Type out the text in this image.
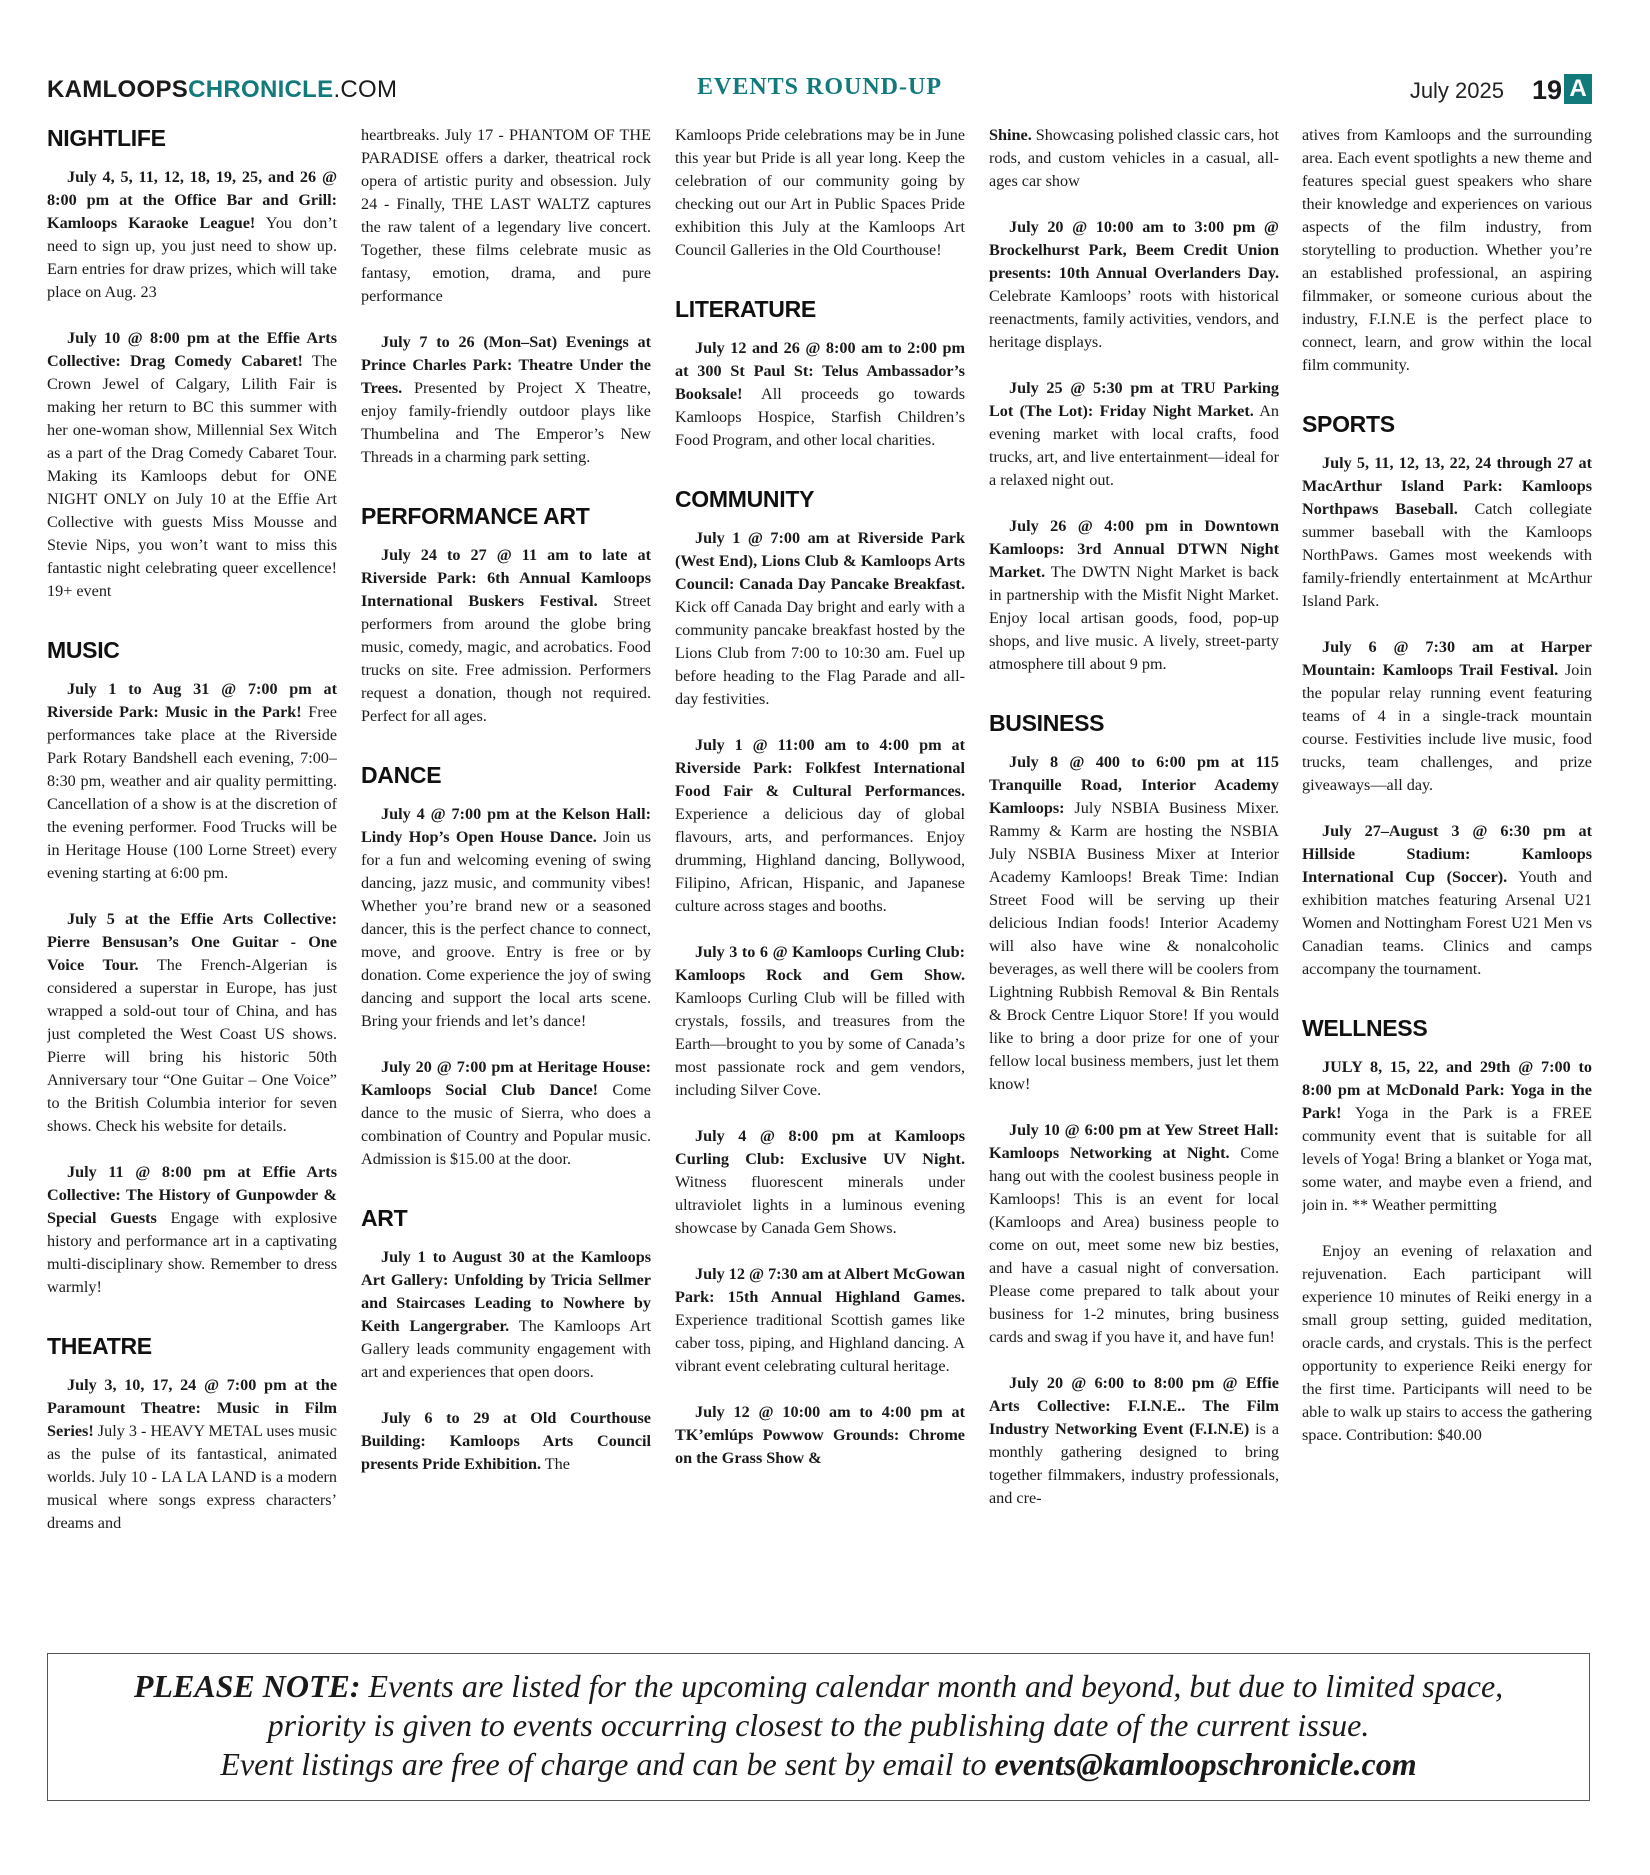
KAMLOOPSCHRONICLE.COM	EVENTS ROUND-UP	July 2025 19 A
NIGHTLIFE

July 4, 5, 11, 12, 18, 19, 25, and 26 @ 8:00 pm at the Office Bar and Grill: Kamloops Karaoke League! You don’t need to sign up, you just need to show up. Earn entries for draw prizes, which will take place on Aug. 23

July 10 @ 8:00 pm at the Effie Arts Collective: Drag Comedy Cabaret! The Crown Jewel of Calgary, Lilith Fair is making her return to BC this summer with her one-woman show, Millennial Sex Witch as a part of the Drag Comedy Cabaret Tour. Making its Kamloops debut for ONE NIGHT ONLY on July 10 at the Effie Art Collective with guests Miss Mousse and Stevie Nips, you won’t want to miss this fantastic night celebrating queer excellence! 19+ event

MUSIC

July 1 to Aug 31 @ 7:00 pm at Riverside Park: Music in the Park! Free performances take place at the Riverside Park Rotary Bandshell each evening, 7:00–8:30 pm, weather and air quality permitting. Cancellation of a show is at the discretion of the evening performer. Food Trucks will be in Heritage House (100 Lorne Street) every evening starting at 6:00 pm.

July 5 at the Effie Arts Collective: Pierre Bensusan’s One Guitar - One Voice Tour. The French-Algerian is considered a superstar in Europe, has just wrapped a sold-out tour of China, and has just completed the West Coast US shows. Pierre will bring his historic 50th Anniversary tour “One Guitar – One Voice” to the British Columbia interior for seven shows. Check his website for details.

July 11 @ 8:00 pm at Effie Arts Collective: The History of Gunpowder & Special Guests Engage with explosive history and performance art in a captivating multi-disciplinary show. Remember to dress warmly!

THEATRE

July 3, 10, 17, 24 @ 7:00 pm at the Paramount Theatre: Music in Film Series! July 3 - HEAVY METAL uses music as the pulse of its fantastical, animated worlds. July 10 - LA LA LAND is a modern musical where songs express characters’ dreams and

heartbreaks. July 17 - PHANTOM OF THE PARADISE offers a darker, theatrical rock opera of artistic purity and obsession. July 24 - Finally, THE LAST WALTZ captures the raw talent of a legendary live concert. Together, these films celebrate music as fantasy, emotion, drama, and pure performance

July 7 to 26 (Mon–Sat) Evenings at Prince Charles Park: Theatre Under the Trees. Presented by Project X Theatre, enjoy family-friendly outdoor plays like Thumbelina and The Emperor’s New Threads in a charming park setting.

PERFORMANCE ART

July 24 to 27 @ 11 am to late at Riverside Park: 6th Annual Kamloops International Buskers Festival. Street performers from around the globe bring music, comedy, magic, and acrobatics. Food trucks on site. Free admission. Performers request a donation, though not required. Perfect for all ages.

DANCE

July 4 @ 7:00 pm at the Kelson Hall: Lindy Hop’s Open House Dance. Join us for a fun and welcoming evening of swing dancing, jazz music, and community vibes! Whether you’re brand new or a seasoned dancer, this is the perfect chance to connect, move, and groove. Entry is free or by donation. Come experience the joy of swing dancing and support the local arts scene. Bring your friends and let’s dance!

July 20 @ 7:00 pm at Heritage House: Kamloops Social Club Dance! Come dance to the music of Sierra, who does a combination of Country and Popular music. Admission is $15.00 at the door.

ART

July 1 to August 30 at the Kamloops Art Gallery: Unfolding by Tricia Sellmer and Staircases Leading to Nowhere by Keith Langergraber. The Kamloops Art Gallery leads community engagement with art and experiences that open doors.

July 6 to 29 at Old Courthouse Building: Kamloops Arts Council presents Pride Exhibition. The

Kamloops Pride celebrations may be in June this year but Pride is all year long. Keep the celebration of our community going by checking out our Art in Public Spaces Pride exhibition this July at the Kamloops Art Council Galleries in the Old Courthouse!

LITERATURE

July 12 and 26 @ 8:00 am to 2:00 pm at 300 St Paul St: Telus Ambassador’s Booksale! All proceeds go towards Kamloops Hospice, Starfish Children’s Food Program, and other local charities.

COMMUNITY

July 1 @ 7:00 am at Riverside Park (West End), Lions Club & Kamloops Arts Council: Canada Day Pancake Breakfast. Kick off Canada Day bright and early with a community pancake breakfast hosted by the Lions Club from 7:00 to 10:30 am. Fuel up before heading to the Flag Parade and all-day festivities.

July 1 @ 11:00 am to 4:00 pm at Riverside Park: Folkfest International Food Fair & Cultural Performances. Experience a delicious day of global flavours, arts, and performances. Enjoy drumming, Highland dancing, Bollywood, Filipino, African, Hispanic, and Japanese culture across stages and booths.

July 3 to 6 @ Kamloops Curling Club: Kamloops Rock and Gem Show. Kamloops Curling Club will be filled with crystals, fossils, and treasures from the Earth—brought to you by some of Canada’s most passionate rock and gem vendors, including Silver Cove.

July 4 @ 8:00 pm at Kamloops Curling Club: Exclusive UV Night. Witness fluorescent minerals under ultraviolet lights in a luminous evening showcase by Canada Gem Shows.

July 12 @ 7:30 am at Albert McGowan Park: 15th Annual Highland Games. Experience traditional Scottish games like caber toss, piping, and Highland dancing. A vibrant event celebrating cultural heritage.

July 12 @ 10:00 am to 4:00 pm at TK’emlúps Powwow Grounds: Chrome on the Grass Show &

Shine. Showcasing polished classic cars, hot rods, and custom vehicles in a casual, all-ages car show

July 20 @ 10:00 am to 3:00 pm @ Brockelhurst Park, Beem Credit Union presents: 10th Annual Overlanders Day. Celebrate Kamloops’ roots with historical reenactments, family activities, vendors, and heritage displays.

July 25 @ 5:30 pm at TRU Parking Lot (The Lot): Friday Night Market. An evening market with local crafts, food trucks, art, and live entertainment—ideal for a relaxed night out.

July 26 @ 4:00 pm in Downtown Kamloops: 3rd Annual DTWN Night Market. The DWTN Night Market is back in partnership with the Misfit Night Market. Enjoy local artisan goods, food, pop-up shops, and live music. A lively, street-party atmosphere till about 9 pm.

BUSINESS

July 8 @ 400 to 6:00 pm at 115 Tranquille Road, Interior Academy Kamloops: July NSBIA Business Mixer. Rammy & Karm are hosting the NSBIA July NSBIA Business Mixer at Interior Academy Kamloops! Break Time: Indian Street Food will be serving up their delicious Indian foods! Interior Academy will also have wine & nonalcoholic beverages, as well there will be coolers from Lightning Rubbish Removal & Bin Rentals & Brock Centre Liquor Store! If you would like to bring a door prize for one of your fellow local business members, just let them know!

July 10 @ 6:00 pm at Yew Street Hall: Kamloops Networking at Night. Come hang out with the coolest business people in Kamloops! This is an event for local (Kamloops and Area) business people to come on out, meet some new biz besties, and have a casual night of conversation. Please come prepared to talk about your business for 1-2 minutes, bring business cards and swag if you have it, and have fun!

July 20 @ 6:00 to 8:00 pm @ Effie Arts Collective: F.I.N.E.. The Film Industry Networking Event (F.I.N.E) is a monthly gathering designed to bring together filmmakers, industry professionals, and cre-

atives from Kamloops and the surrounding area. Each event spotlights a new theme and features special guest speakers who share their knowledge and experiences on various aspects of the film industry, from storytelling to production. Whether you’re an established professional, an aspiring filmmaker, or someone curious about the industry, F.I.N.E is the perfect place to connect, learn, and grow within the local film community.

SPORTS

July 5, 11, 12, 13, 22, 24 through 27 at MacArthur Island Park: Kamloops Northpaws Baseball. Catch collegiate summer baseball with the Kamloops NorthPaws. Games most weekends with family-friendly entertainment at McArthur Island Park.

July 6 @ 7:30 am at Harper Mountain: Kamloops Trail Festival. Join the popular relay running event featuring teams of 4 in a single-track mountain course. Festivities include live music, food trucks, team challenges, and prize giveaways—all day.

July 27–August 3 @ 6:30 pm at Hillside Stadium: Kamloops International Cup (Soccer). Youth and exhibition matches featuring Arsenal U21 Women and Nottingham Forest U21 Men vs Canadian teams. Clinics and camps accompany the tournament.

WELLNESS

JULY 8, 15, 22, and 29th @ 7:00 to 8:00 pm at McDonald Park: Yoga in the Park! Yoga in the Park is a FREE community event that is suitable for all levels of Yoga! Bring a blanket or Yoga mat, some water, and maybe even a friend, and join in. ** Weather permitting

Enjoy an evening of relaxation and rejuvenation. Each participant will experience 10 minutes of Reiki energy in a small group setting, guided meditation, oracle cards, and crystals. This is the perfect opportunity to experience Reiki energy for the first time. Participants will need to be able to walk up stairs to access the gathering space. Contribution: $40.00

PLEASE NOTE: Events are listed for the upcoming calendar month and beyond, but due to limited space,
priority is given to events occurring closest to the publishing date of the current issue.
Event listings are free of charge and can be sent by email to events@kamloopschronicle.com
